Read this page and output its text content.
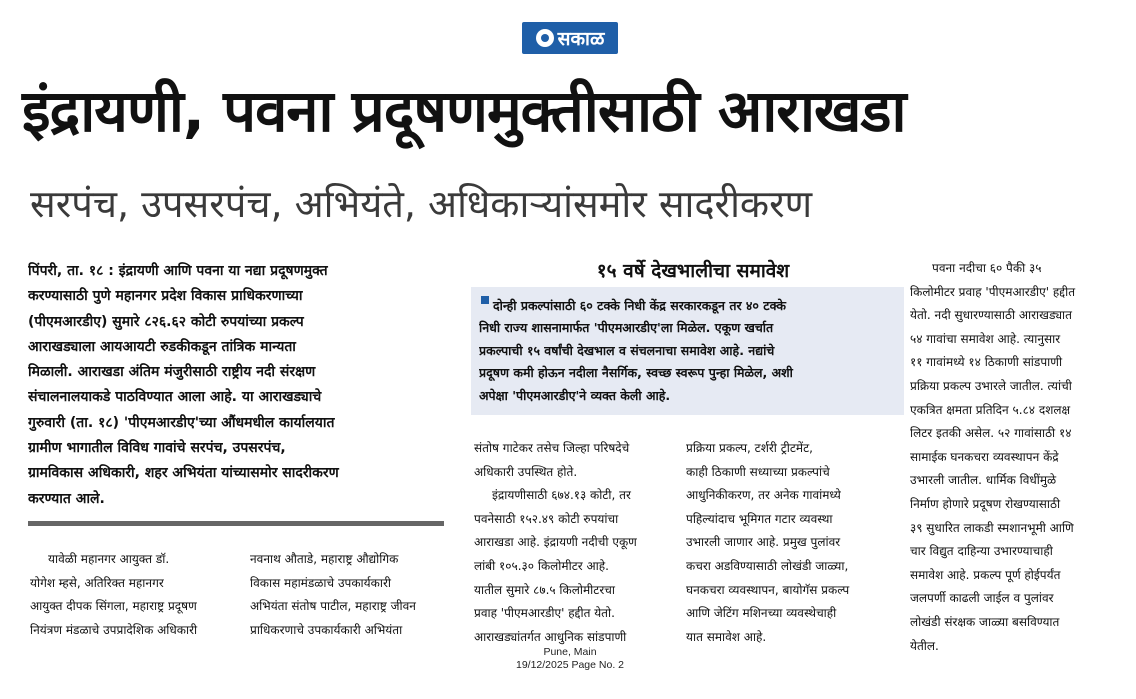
सकाळ
इंद्रायणी, पवना प्रदूषणमुक्तीसाठी आराखडा
सरपंच, उपसरपंच, अभियंते, अधिकाऱ्यांसमोर सादरीकरण
पिंपरी, ता. १८ : इंद्रायणी आणि पवना या नद्या प्रदूषणमुक्त
करण्यासाठी पुणे महानगर प्रदेश विकास प्राधिकरणाच्या
(पीएमआरडीए) सुमारे ८२६.६२ कोटी रुपयांच्या प्रकल्प
आराखड्याला आयआयटी रुडकीकडून तांत्रिक मान्यता
मिळाली. आराखडा अंतिम मंजुरीसाठी राष्ट्रीय नदी संरक्षण
संचालनालयाकडे पाठविण्यात आला आहे. या आराखड्याचे
गुरुवारी (ता. १८) 'पीएमआरडीए'च्या औंधमधील कार्यालयात
ग्रामीण भागातील विविध गावांचे सरपंच, उपसरपंच,
ग्रामविकास अधिकारी, शहर अभियंता यांच्यासमोर सादरीकरण
करण्यात आले.
१५ वर्षे देखभालीचा समावेश
दोन्ही प्रकल्पांसाठी ६० टक्के निधी केंद्र सरकारकडून तर ४० टक्के
निधी राज्य शासनामार्फत 'पीएमआरडीए'ला मिळेल. एकूण खर्चात
प्रकल्पाची १५ वर्षांची देखभाल व संचलनाचा समावेश आहे. नद्यांचे
प्रदूषण कमी होऊन नदीला नैसर्गिक, स्वच्छ स्वरूप पुन्हा मिळेल, अशी
अपेक्षा 'पीएमआरडीए'ने व्यक्त केली आहे.
यावेळी महानगर आयुक्त डॉ.
योगेश म्हसे, अतिरिक्त महानगर
आयुक्त दीपक सिंगला, महाराष्ट्र प्रदूषण
नियंत्रण मंडळाचे उपप्रादेशिक अधिकारी
नवनाथ औताडे, महाराष्ट्र औद्योगिक
विकास महामंडळाचे उपकार्यकारी
अभियंता संतोष पाटील, महाराष्ट्र जीवन
प्राधिकरणाचे उपकार्यकारी अभियंता
संतोष गाटेकर तसेच जिल्हा परिषदेचे
अधिकारी उपस्थित होते.
इंद्रायणीसाठी ६७४.१३ कोटी, तर
पवनेसाठी १५२.४९ कोटी रुपयांचा
आराखडा आहे. इंद्रायणी नदीची एकूण
लांबी १०५.३० किलोमीटर आहे.
यातील सुमारे ८७.५ किलोमीटरचा
प्रवाह 'पीएमआरडीए' हद्दीत येतो.
आराखड्यांतर्गत आधुनिक सांडपाणी
प्रक्रिया प्रकल्प, टर्शरी ट्रीटमेंट,
काही ठिकाणी सध्याच्या प्रकल्पांचे
आधुनिकीकरण, तर अनेक गावांमध्ये
पहिल्यांदाच भूमिगत गटार व्यवस्था
उभारली जाणार आहे. प्रमुख पुलांवर
कचरा अडविण्यासाठी लोखंडी जाळ्या,
घनकचरा व्यवस्थापन, बायोगॅस प्रकल्प
आणि जेटिंग मशिनच्या व्यवस्थेचाही
यात समावेश आहे.
पवना नदीचा ६० पैकी ३५
किलोमीटर प्रवाह 'पीएमआरडीए' हद्दीत
येतो. नदी सुधारण्यासाठी आराखड्यात
५४ गावांचा समावेश आहे. त्यानुसार
११ गावांमध्ये १४ ठिकाणी सांडपाणी
प्रक्रिया प्रकल्प उभारले जातील. त्यांची
एकत्रित क्षमता प्रतिदिन ५.८४ दशलक्ष
लिटर इतकी असेल. ५२ गावांसाठी १४
सामाईक घनकचरा व्यवस्थापन केंद्रे
उभारली जातील. धार्मिक विधींमुळे
निर्माण होणारे प्रदूषण रोखण्यासाठी
३९ सुधारित लाकडी स्मशानभूमी आणि
चार विद्युत दाहिन्या उभारण्याचाही
समावेश आहे. प्रकल्प पूर्ण होईपर्यंत
जलपर्णी काढली जाईल व पुलांवर
लोखंडी संरक्षक जाळ्या बसविण्यात
येतील.
Pune, Main
19/12/2025 Page No. 2
